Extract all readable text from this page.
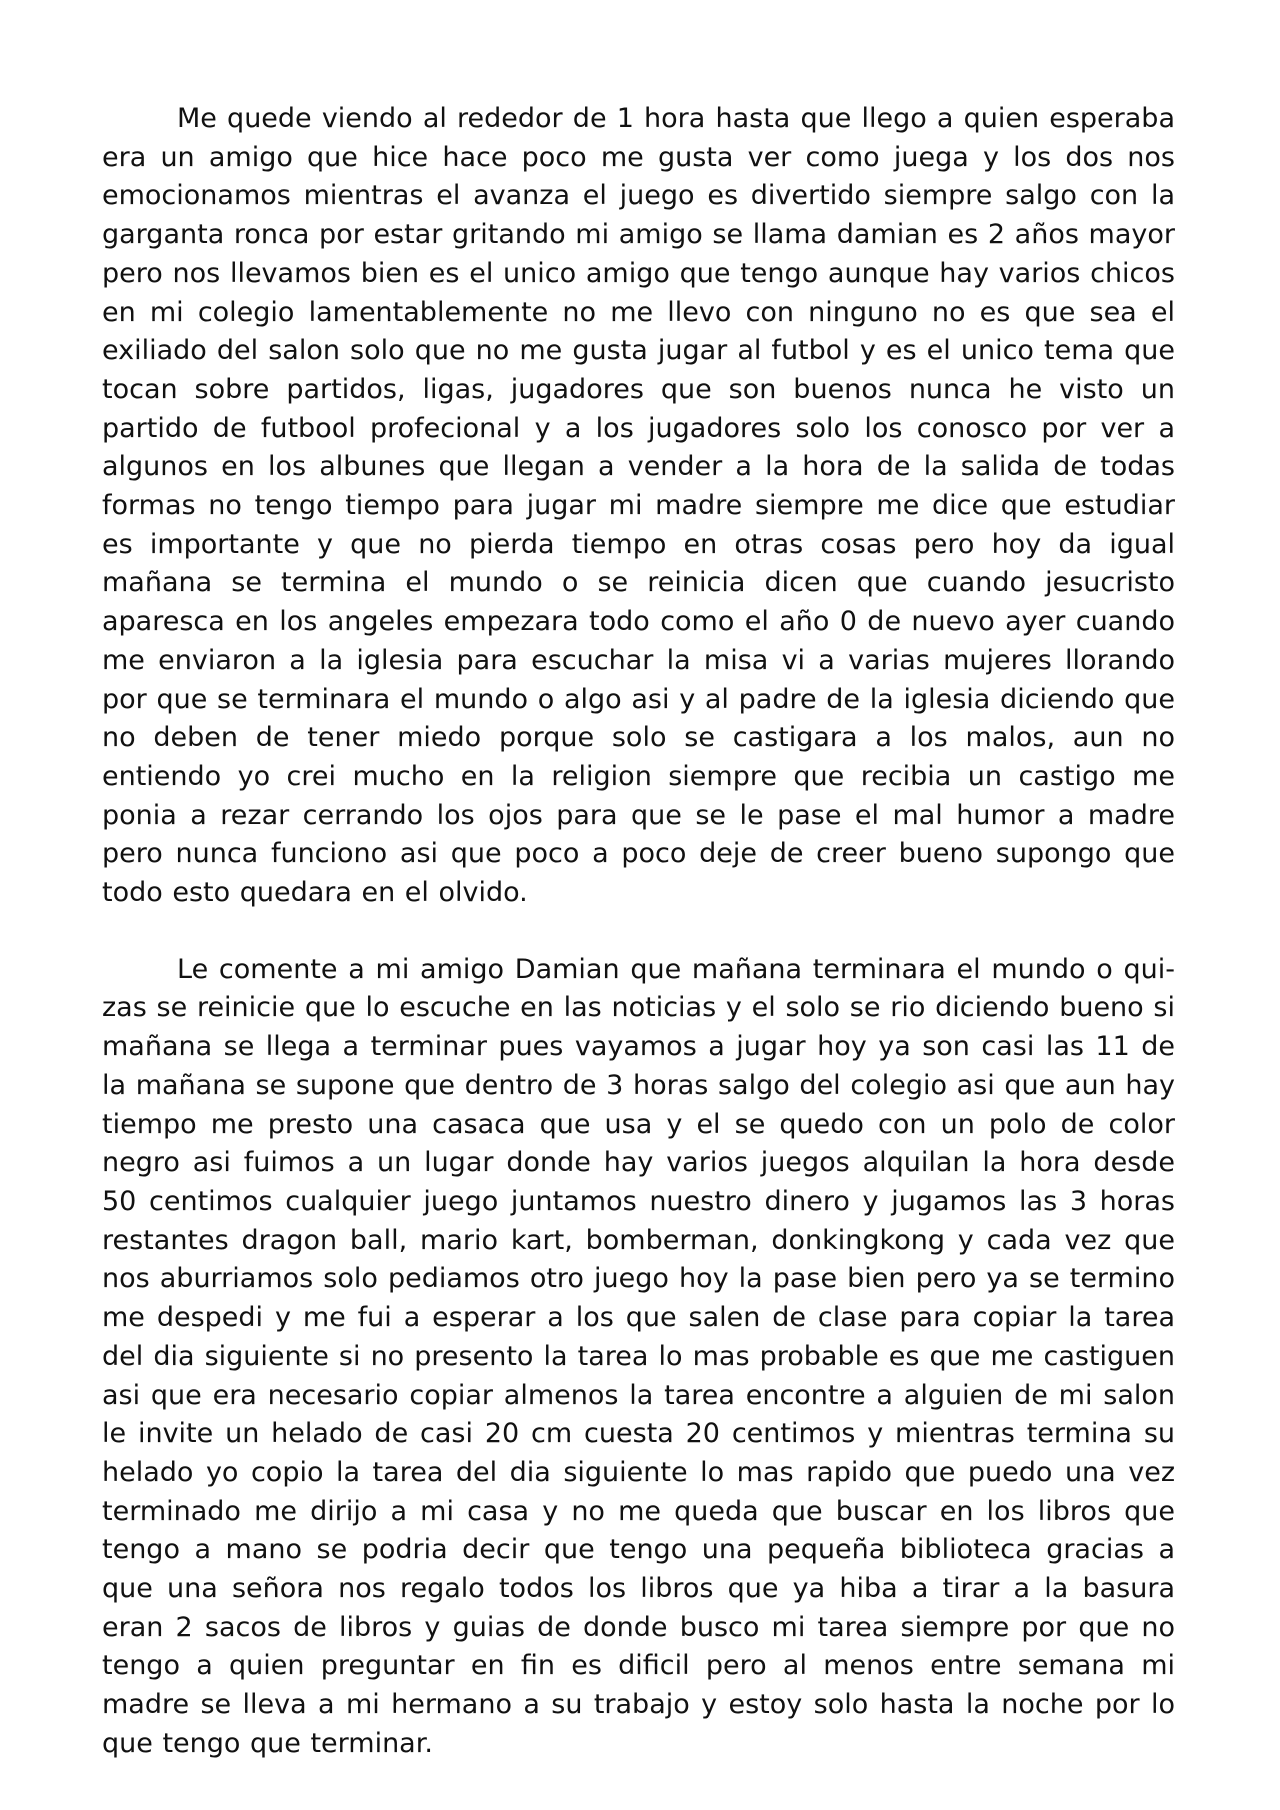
Me quede viendo al rededor de 1 hora hasta que llego a quien esperaba era un amigo que hice hace poco me gusta ver como juega y los dos nos emocionamos mientras el avanza el juego es divertido siempre salgo con la garganta ronca por estar gritando mi amigo se llama damian es 2 años mayor pero nos llevamos bien es el unico amigo que tengo aunque hay varios chicos en mi colegio lamentablemente no me llevo con ninguno no es que sea el exiliado del salon solo que no me gusta jugar al futbol y es el unico tema que tocan sobre partidos, ligas, jugadores que son buenos nunca he visto un partido de futbool profecional y a los jugadores solo los conosco por ver a algunos en los albunes que llegan a vender a la hora de la salida de todas formas no tengo tiempo para jugar mi madre siempre me dice que estudiar es importante y que no pierda tiempo en otras cosas pero hoy da igual mañana se termina el mundo o se reinicia dicen que cuando jesucristo aparesca en los angeles empezara todo como el año 0 de nuevo ayer cuando me enviaron a la iglesia para escuchar la misa vi a varias mujeres llorando por que se terminara el mundo o algo asi y al padre de la iglesia diciendo que no deben de tener miedo porque solo se castigara a los malos, aun no entiendo yo crei mucho en la religion siempre que recibia un castigo me ponia a rezar cerrando los ojos para que se le pase el mal humor a madre pero nunca funciono asi que poco a poco deje de creer bueno supongo que todo esto quedara en el olvido.

Le comente a mi amigo Damian que mañana terminara el mundo o quizas se reinicie que lo escuche en las noticias y el solo se rio diciendo bueno si mañana se llega a terminar pues vayamos a jugar hoy ya son casi las 11 de la mañana se supone que dentro de 3 horas salgo del colegio asi que aun hay tiempo me presto una casaca que usa y el se quedo con un polo de color negro asi fuimos a un lugar donde hay varios juegos alquilan la hora desde 50 centimos cualquier juego juntamos nuestro dinero y jugamos las 3 horas restantes dragon ball, mario kart, bomberman, donkingkong y cada vez que nos aburriamos solo pediamos otro juego hoy la pase bien pero ya se termino me despedi y me fui a esperar a los que salen de clase para copiar la tarea del dia siguiente si no presento la tarea lo mas probable es que me castiguen asi que era necesario copiar almenos la tarea encontre a alguien de mi salon le invite un helado de casi 20 cm cuesta 20 centimos y mientras termina su helado yo copio la tarea del dia siguiente lo mas rapido que puedo una vez terminado me dirijo a mi casa y no me queda que buscar en los libros que tengo a mano se podria decir que tengo una pequeña biblioteca gracias a que una señora nos regalo todos los libros que ya hiba a tirar a la basura eran 2 sacos de libros y guias de donde busco mi tarea siempre por que no tengo a quien preguntar en fin es dificil pero al menos entre semana mi madre se lleva a mi hermano a su trabajo y estoy solo hasta la noche por lo que tengo que terminar.
